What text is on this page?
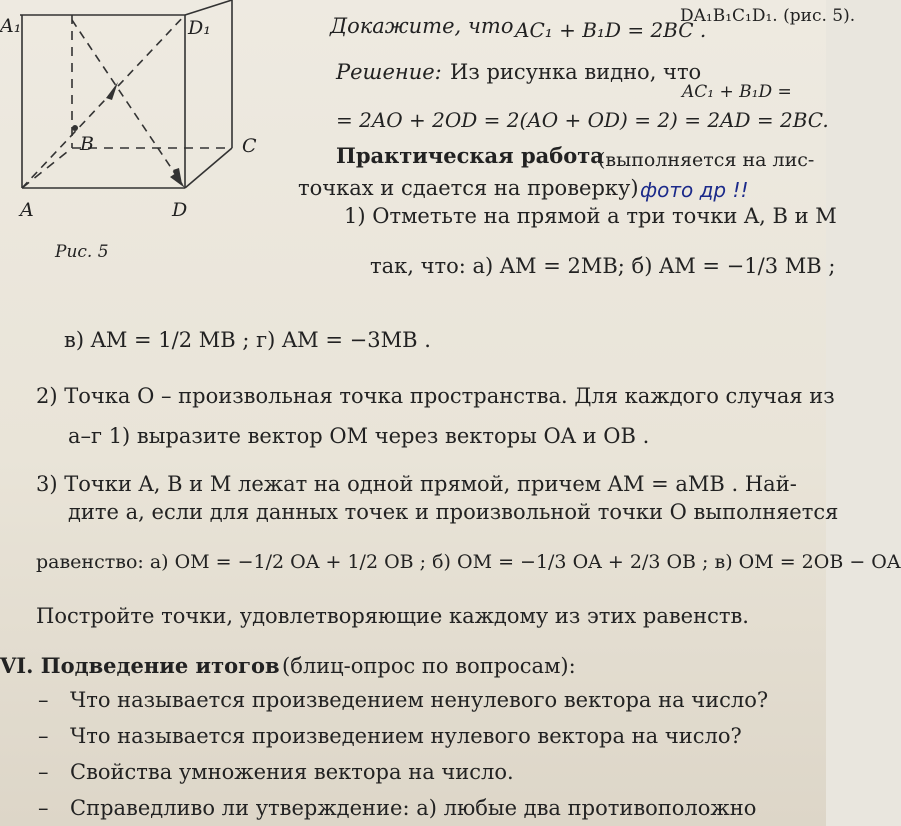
A₁	D₁
B	C
A	D
Рис. 5
DA₁B₁C₁D₁. (рис. 5).
Докажите, что AC₁ + B₁D = 2BC .
Решение: Из рисунка видно, что
AC₁ + B₁D =
= 2AO + 2OD = 2(AO + OD) = 2) = 2AD = 2BC.
Практическая работа
(выполняется на лис-
точках и сдается на проверку) фото др !!
1) Отметьте на прямой a три точки A, B и M
так, что: а) AM = 2MB; б) AM = −1/3 MB ;
в) AM = 1/2 MB ; г) AM = −3MB .
2) Точка O – произвольная точка пространства. Для каждого случая из
а–г 1) выразите вектор OM через векторы OA и OB .
3) Точки A, B и M лежат на одной прямой, причем AM = aMB . Най-
дите a, если для данных точек и произвольной точки O выполняется
равенство: а) OM = −1/2 OA + 1/2 OB ; б) OM = −1/3 OA + 2/3 OB ; в) OM = 2OB − OA
Постройте точки, удовлетворяющие каждому из этих равенств.
VI. Подведение итогов (блиц-опрос по вопросам):
– Что называется произведением ненулевого вектора на число?
– Что называется произведением нулевого вектора на число?
– Свойства умножения вектора на число.
– Справедливо ли утверждение: а) любые два противоположно
